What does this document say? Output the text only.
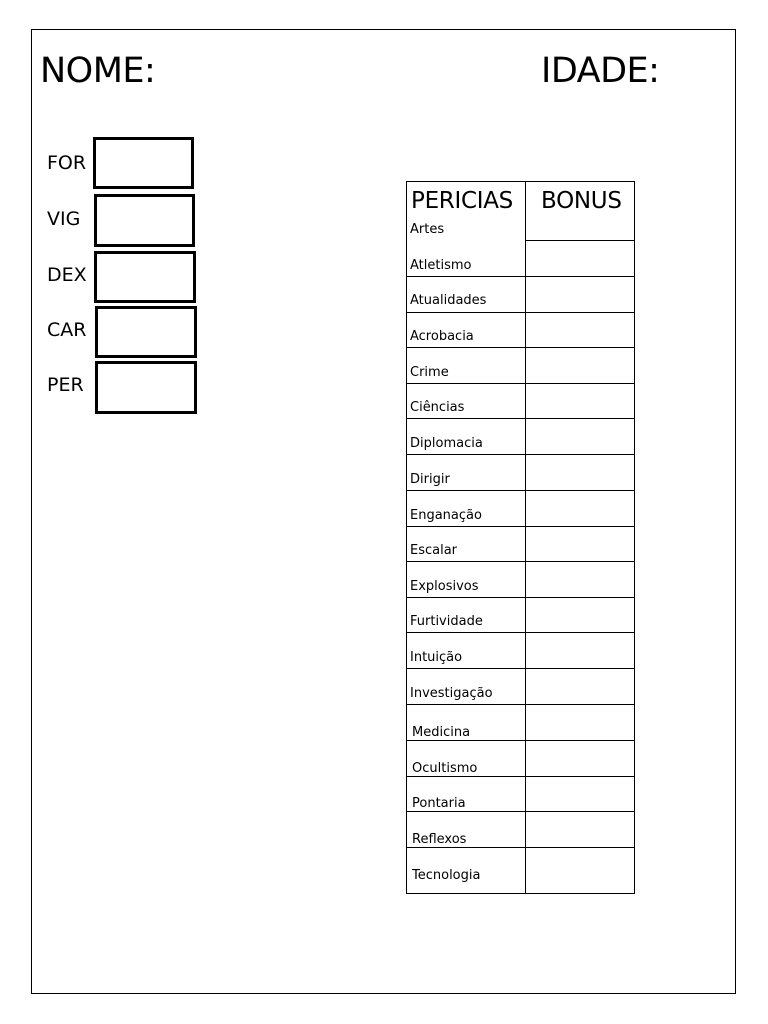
NOME:	IDADE:
FOR
VIG
DEX
CAR
PER
PERICIAS BONUS
Artes
Atletismo
Atualidades
Acrobacia
Crime
Ciências
Diplomacia
Dirigir
Enganação
Escalar
Explosivos
Furtividade
Intuição
Investigação
Medicina
Ocultismo
Pontaria
Reflexos
Tecnologia
